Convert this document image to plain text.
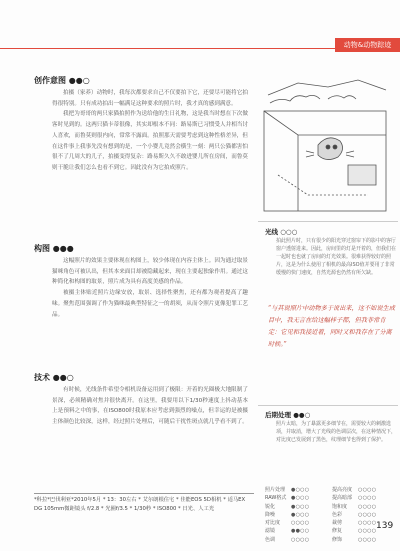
动物&动物踪迹
创作意图 ●●○

拍摄（家养）动物时，我每次都要求自己不仅要拍下它，还要尽可能将它拍得很特别。只有成功拍出一幅满足这种要求的照片时，我才真的感到满意。

我把为哥哥的两只家猫拍照作为送给他的生日礼物，这是我当时想在下次做客时见到的。这两只猫卡蒂很像，其实却根本不同：路易斯已习惯受人并相当讨人喜欢，而鲁莫则很内向，常常不露面。拍照那天需要考虑到这种性格差异，但在这件事上我事先没有想到的是，一个小婴儿竟然会横生一刻：两只公猫都害怕很不了几周大的儿子，拍摄变得复杂：路易斯久久不敢进婴儿所在房间，而鲁莫则干脆让我们怎么也看不到它。因此没有为它拍成照片。

构图 ●●●

这幅照片的效果主要体现在构图上，较少体现在内容主体上。因为通过取景猫咪角色可被认出，但其本来面目却被隐藏起来，现在主要起独象作用。通过这种简化和构图的取景，照片成为具有高度美感的作品。

被摄主体贴近照片边缘安放，取景、选择性聚焦，还有都为观者提高了趣味。聚焦范围强调了作为猫咪最典型特征之一的胡须，从而令照片更像犯罪工艺品。

技术 ●●○

有时候，光线条件希望令相机设备运用到了极限：开着的光圈极大地限制了景深，必须精确对焦并很快离开。在这里，我要用以下1/30秒速度上抖动基本上是预料之中的事，在ISO800时我原本应考虑到强烈的噪点，但幸运的是被摄主体颜色比较深，这样，经过照片处理后，可随后干扰性斑点就几乎看不到了。

光线 ○○○
拍此照片时，只有很少的阳光穿过窗帘下的影中的客厅窗户透射进来。因此，房间里的灯是开着的，但我们在一起时也也就了房间的灯光效果。很难获得较好的照片，这是为什么使用了相机的最高ISO值并要用了非常缓慢的快门速度，自然光源也仍然有所欠缺。
“与其说照片中动物多于说出来，这不如说生成目中，我无言在给这幅样子都，但我非常肯定：它见和我接近着，同时又和我存在了分离时候。”
后期处理 ●●○
照片太暗，为了暴露更多细节在，需要较大的刺激选项，并取消，增大了光线的色调层次，在这种情况下，对比度已发展到了黑色，纹理细节也得到了保护。
照片处理	●○○○	提高亮度	○○○○
RAW格式 ●○○○	提高暗部	○○○○
锐化	●○○○	饱和度	○○○○
降噪	●○○○	色彩	○○○○
对比度	○○○○	裁剪	○○○○
滤镜	●●○○	修复	○○○○
色调	○○○○	修饰	○○○○
*科拉*巴伐利亚*2010年5月 * 13：30左右 * 艾尔朗根住宅 * 佳能EOS 5D相机 * 适马EX DG 105mm微距镜头 f/2.8 * 光圈f/3.5 * 1/30秒 * ISO800 * 日光、人工光
139
